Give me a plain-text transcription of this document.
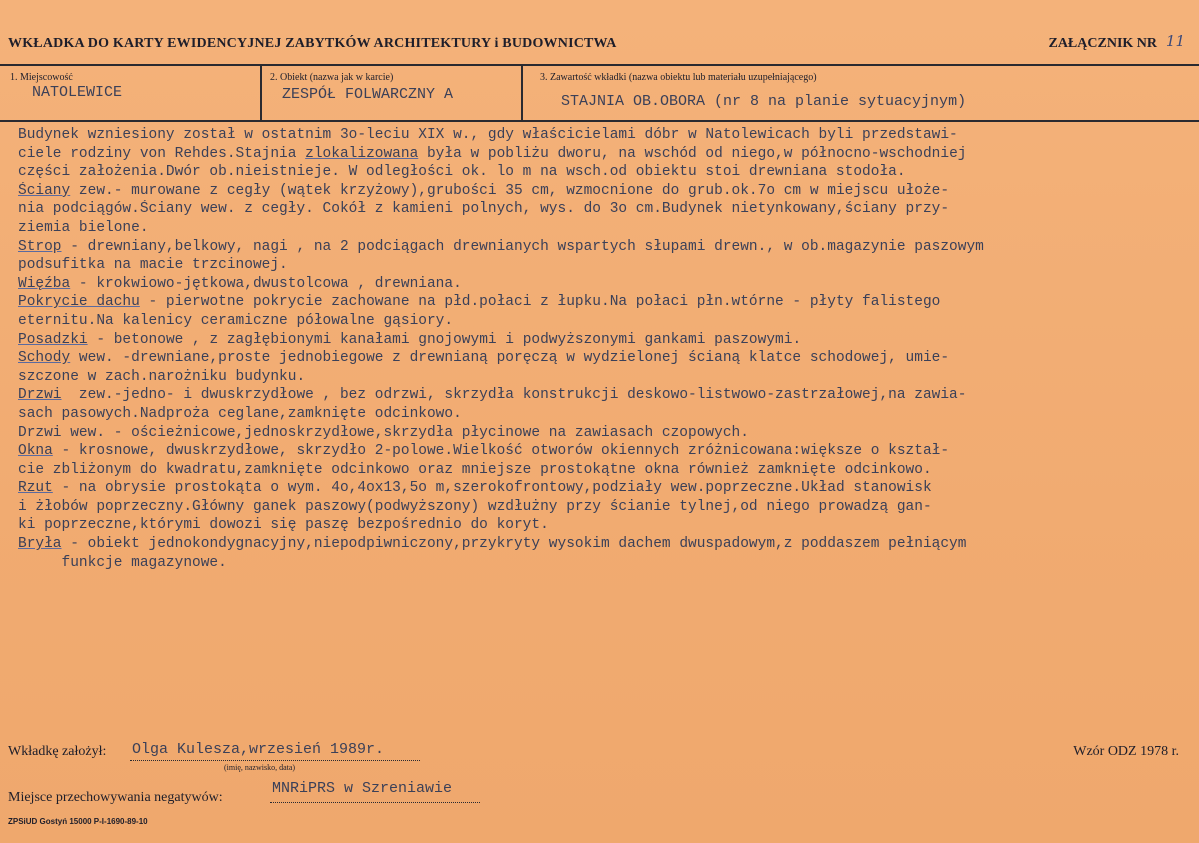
WKŁADKA DO KARTY EWIDENCYJNEJ ZABYTKÓW ARCHITEKTURY i BUDOWNICTWA	ZAŁĄCZNIK NR 11
1. Miejscowość
NATOLEWICE
2. Obiekt (nazwa jak w karcie)
ZESPÓŁ FOLWARCZNY A
3. Zawartość wkładki (nazwa obiektu lub materiału uzupełniającego)
STAJNIA OB.OBORA (nr 8 na planie sytuacyjnym)
Budynek wzniesiony został w ostatnim 3o-leciu XIX w., gdy właścicielami dóbr w Natolewicach byli przedstawi-
ciele rodziny von Rehdes.Stajnia zlokalizowana była w pobliżu dworu, na wschód od niego,w północno-wschodniej
części założenia.Dwór ob.nieistnieje. W odległości ok. lo m na wsch.od obiektu stoi drewniana stodoła.
Ściany zew.- murowane z cegły (wątek krzyżowy),grubości 35 cm, wzmocnione do grub.ok.7o cm w miejscu ułoże-
nia podciągów.Ściany wew. z cegły. Cokół z kamieni polnych, wys. do 3o cm.Budynek nietynkowany,ściany przy-
ziemia bielone.
Strop - drewniany,belkowy, nagi , na 2 podciągach drewnianych wspartych słupami drewn., w ob.magazynie paszowym
podsufitka na macie trzcinowej.
Więźba - krokwiowo-jętkowa,dwustolcowa , drewniana.
Pokrycie dachu - pierwotne pokrycie zachowane na płd.połaci z łupku.Na połaci płn.wtórne - płyty falistego
eternitu.Na kalenicy ceramiczne półowalne gąsiory.
Posadzki - betonowe , z zagłębionymi kanałami gnojowymi i podwyższonymi gankami paszowymi.
Schody wew. -drewniane,proste jednobiegowe z drewnianą poręczą w wydzielonej ścianą klatce schodowej, umie-
szczone w zach.narożniku budynku.
Drzwi  zew.-jedno- i dwuskrzydłowe , bez odrzwi, skrzydła konstrukcji deskowo-listwowo-zastrzałowej,na zawia-
sach pasowych.Nadproża ceglane,zamknięte odcinkowo.
Drzwi wew. - ościeżnicowe,jednoskrzydłowe,skrzydła płycinowe na zawiasach czopowych.
Okna - krosnowe, dwuskrzydłowe, skrzydło 2-polowe.Wielkość otworów okiennych zróżnicowana:większe o kształ-
cie zbliżonym do kwadratu,zamknięte odcinkowo oraz mniejsze prostokątne okna również zamknięte odcinkowo.
Rzut - na obrysie prostokąta o wym. 4o,4ox13,5o m,szerokofrontowy,podziały wew.poprzeczne.Układ stanowisk
i żłobów poprzeczny.Główny ganek paszowy(podwyższony) wzdłużny przy ścianie tylnej,od niego prowadzą gan-
ki poprzeczne,którymi dowozi się paszę bezpośrednio do koryt.
Bryła - obiekt jednokondygnacyjny,niepodpiwniczony,przykryty wysokim dachem dwuspadowym,z poddaszem pełniącym
funkcje magazynowe.
Wkładkę założył: Olga Kulesza,wrzesień 1989r.
(imię, nazwisko, data)
Wzór ODZ 1978 r.
Miejsce przechowywania negatywów:
MNRiPRS w Szreniawie
ZPSiUD Gostyń 15000 P-I-1690-89-10
